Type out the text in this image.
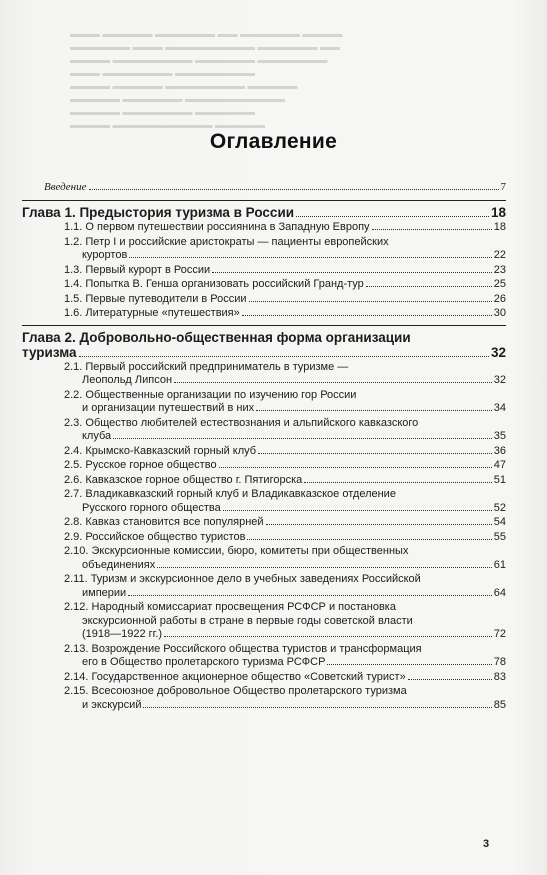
▬▬▬ ▬▬▬▬▬ ▬▬▬▬▬▬ ▬▬ ▬▬▬▬▬▬ ▬▬▬▬
▬▬▬▬▬▬ ▬▬▬ ▬▬▬▬▬▬▬▬▬ ▬▬▬▬▬▬ ▬▬
▬▬▬▬ ▬▬▬▬▬▬▬▬ ▬▬▬▬▬▬ ▬▬▬▬▬▬▬
▬▬▬ ▬▬▬▬▬▬▬ ▬▬▬▬▬▬▬▬
▬▬▬▬ ▬▬▬▬▬ ▬▬▬▬▬▬▬▬ ▬▬▬▬▬
▬▬▬▬▬ ▬▬▬▬▬▬ ▬▬▬▬▬▬▬▬▬▬
▬▬▬▬▬ ▬▬▬▬▬▬▬ ▬▬▬▬▬▬
▬▬▬▬ ▬▬▬▬▬▬▬▬▬▬ ▬▬▬▬▬
Оглавление
Введение	7
Глава 1. Предыстория туризма в России	18
1.1. О первом путешествии россиянина в Западную Европу	18
1.2. Петр I и российские аристократы — пациенты европейских
курортов	22
1.3. Первый курорт в России	23
1.4. Попытка В. Генша организовать российский Гранд-тур	25
1.5. Первые путеводители в России	26
1.6. Литературные «путешествия»	30
Глава 2. Добровольно-общественная форма организации
туризма	32
2.1. Первый российский предприниматель в туризме —
Леопольд Липсон	32
2.2. Общественные организации по изучению гор России
и организации путешествий в них	34
2.3. Общество любителей естествознания и альпийского кавказского
клуба	35
2.4. Крымско-Кавказский горный клуб	36
2.5. Русское горное общество	47
2.6. Кавказское горное общество г. Пятигорска	51
2.7. Владикавказский горный клуб и Владикавказское отделение
Русского горного общества	52
2.8. Кавказ становится все популярней	54
2.9. Российское общество туристов	55
2.10. Экскурсионные комиссии, бюро, комитеты при общественных
объединениях	61
2.11. Туризм и экскурсионное дело в учебных заведениях Российской
империи	64
2.12. Народный комиссариат просвещения РСФСР и постановка
экскурсионной работы в стране в первые годы советской власти
(1918—1922 гг.)	72
2.13. Возрождение Российского общества туристов и трансформация
его в Общество пролетарского туризма РСФСР	78
2.14. Государственное акционерное общество «Советский турист»	83
2.15. Всесоюзное добровольное Общество пролетарского туризма
и экскурсий	85
3
